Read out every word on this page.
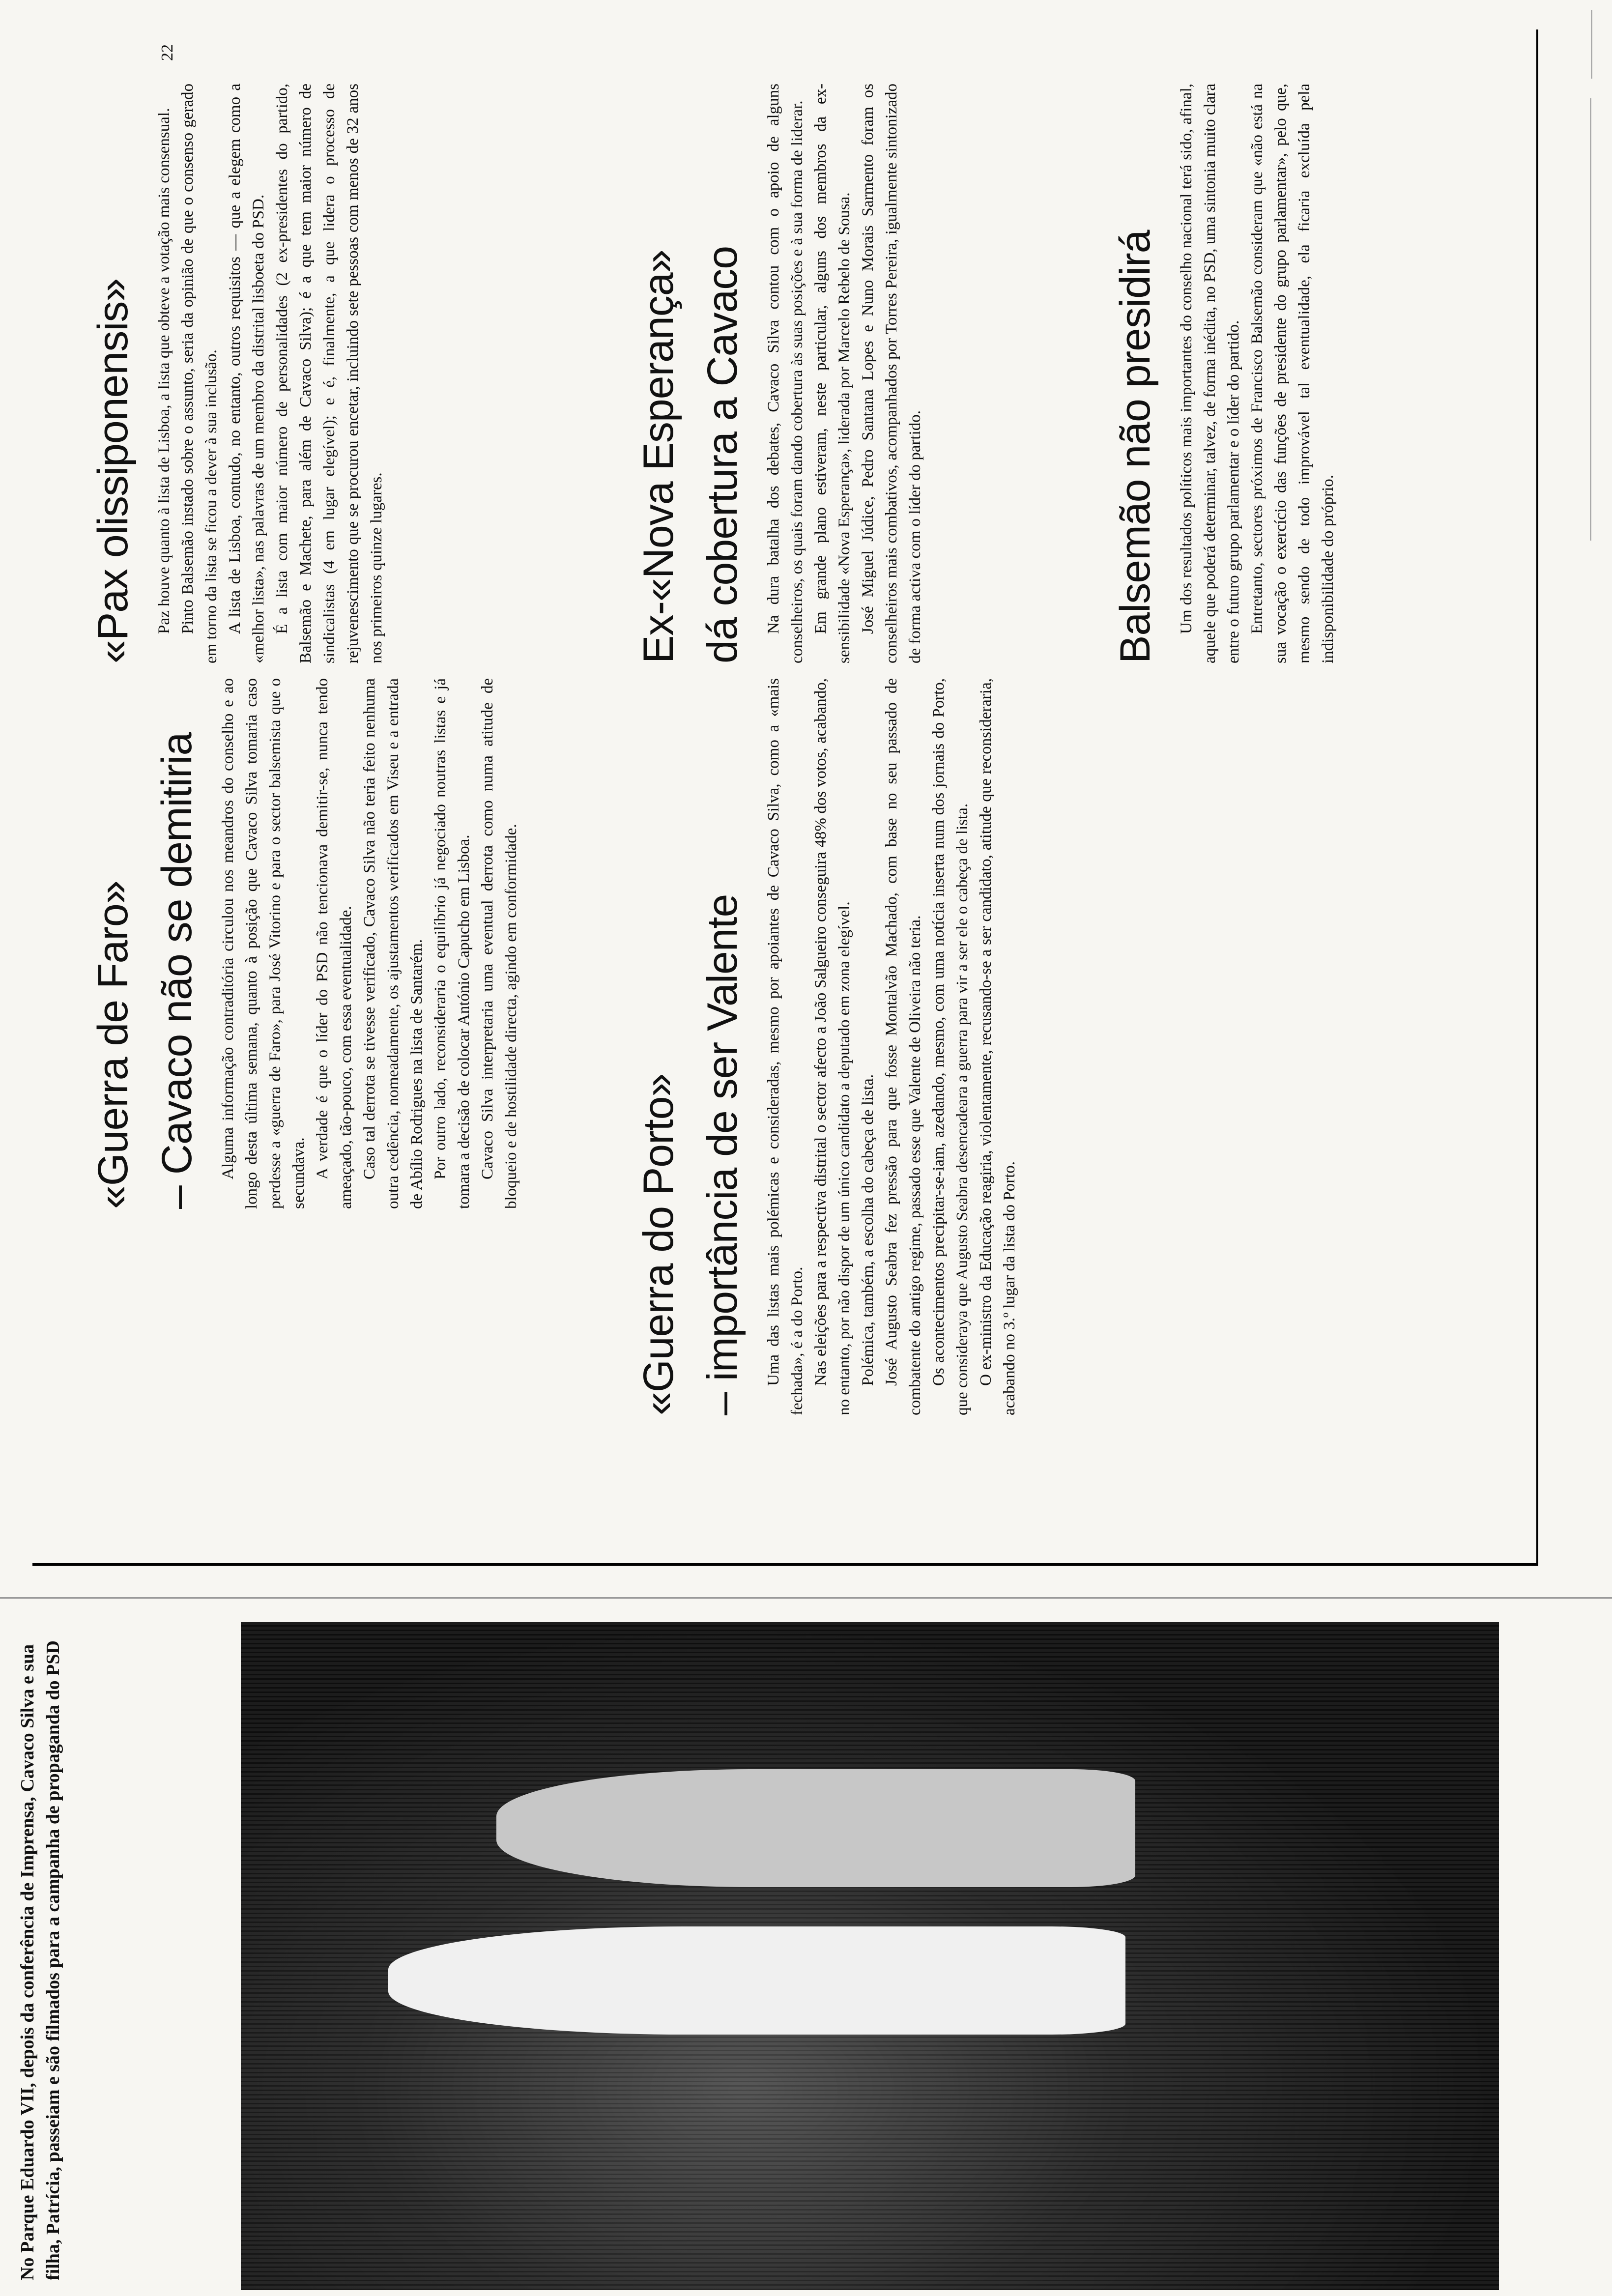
«Guerra de Faro» – Cavaco não se demitiria Alguma informação contraditória circulou nos meandros do conselho e ao longo desta última semana, quanto à posição que Cavaco Silva tomaria caso perdesse a «guerra de Faro», para José Vitorino e para o sector balsemista que o secundava. A verdade é que o líder do PSD não tencionava demitir-se, nunca tendo ameaçado, tão-pouco, com essa eventualidade. Caso tal derrota se tivesse verificado, Cavaco Silva não teria feito nenhuma outra cedência, nomeadamente, os ajustamentos verificados em Viseu e a entrada de Abílio Rodrigues na lista de Santarém. Por outro lado, reconsideraria o equilíbrio já negociado noutras listas e já tomara a decisão de colocar António Capucho em Lisboa. Cavaco Silva interpretaria uma eventual derrota como numa atitude de bloqueio e de hostilidade directa, agindo em conformidade.

«Guerra do Porto» – importância de ser Valente Uma das listas mais polémicas e consideradas, mesmo por apoiantes de Cavaco Silva, como a «mais fechada», é a do Porto. Nas eleições para a respectiva distrital o sector afecto a João Salgueiro conseguira 48% dos votos, acabando, no entanto, por não dispor de um único candidato a deputado em zona elegível. Polémica, também, a escolha do cabeça de lista. José Augusto Seabra fez pressão para que fosse Montalvão Machado, com base no seu passado de combatente do antigo regime, passado esse que Valente de Oliveira não teria. Os acontecimentos precipitar-se-iam, azedando, mesmo, com uma notícia inserta num dos jornais do Porto, que consideraya que Augusto Seabra desencadeara a guerra para vir a ser ele o cabeça de lista. O ex-ministro da Educação reagiria, violentamente, recusando-se a ser candidato, atitude que reconsideraria, acabando no 3.º lugar da lista do Porto.

«Pax olissiponensis» Paz houve quanto à lista de Lisboa, a lista que obteve a votação mais consensual. Pinto Balsemão instado sobre o assunto, seria da opinião de que o consenso gerado em torno da lista se ficou a dever à sua inclusão. A lista de Lisboa, contudo, no entanto, outros requisitos — que a elegem como a «melhor lista», nas palavras de um membro da distrital lisboeta do PSD. É a lista com maior número de personalidades (2 ex-presidentes do partido, Balsemão e Machete, para além de Cavaco Silva); é a que tem maior número de sindicalistas (4 em lugar elegível); e é, finalmente, a que lidera o processo de rejuvenescimento que se procurou encetar, incluindo sete pessoas com menos de 32 anos nos primeiros quinze lugares.	Ex-«Nova Esperança» dá cobertura a Cavaco Na dura batalha dos debates, Cavaco Silva contou com o apoio de alguns conselheiros, os quais foram dando cobertura às suas posições e à sua forma de liderar. Em grande plano estiveram, neste particular, alguns dos membros da ex-sensibilidade «Nova Esperança», liderada por Marcelo Rebelo de Sousa. José Miguel Júdice, Pedro Santana Lopes e Nuno Morais Sarmento foram os conselheiros mais combativos, acompanhados por Torres Pereira, igualmente sintonizado de forma activa com o líder do partido.	Balsemão não presidirá Um dos resultados políticos mais importantes do conselho nacional terá sido, afinal, aquele que poderá determinar, talvez, de forma inédita, no PSD, uma sintonia muito clara entre o futuro grupo parlamentar e o líder do partido. Entretanto, sectores próximos de Francisco Balsemão consideram que «não está na sua vocação o exercício das funções de presidente do grupo parlamentar», pelo que, mesmo sendo de todo improvável tal eventualidade, ela ficaria excluída pela indisponibilidade do próprio.

22
No Parque Eduardo VII, depois da conferência de Imprensa, Cavaco Silva e sua filha, Patrícia, passeiam e são filmados para a campanha de propaganda do PSD
